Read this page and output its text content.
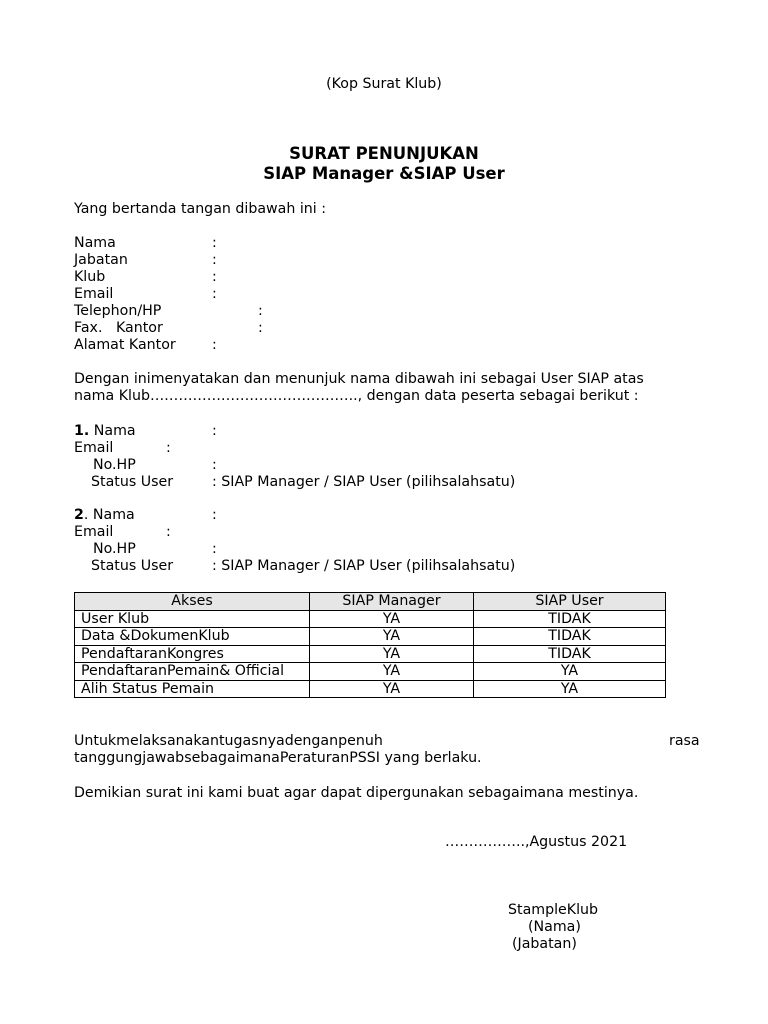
(Kop Surat Klub)
SURAT PENUNJUKAN
SIAP Manager &SIAP User
Yang bertanda tangan dibawah ini :
Nama	:
Jabatan	:
Klub	:
Email	:
Telephon/HP	:
Fax.   Kantor	:
Alamat Kantor	:
Dengan inimenyatakan dan menunjuk nama dibawah ini sebagai User SIAP atas
nama Klub…………………………………….., dengan data peserta sebagai berikut :
1. Nama	:
Email	:
No.HP	:
Status User	: SIAP Manager / SIAP User (pilihsalahsatu)
2. Nama	:
Email	:
No.HP	:
Status User	: SIAP Manager / SIAP User (pilihsalahsatu)
Akses	SIAP Manager	SIAP User
User Klub	YA	TIDAK
Data &DokumenKlub	YA	TIDAK
PendaftaranKongres	YA	TIDAK
PendaftaranPemain& Official	YA	YA
Alih Status Pemain	YA	YA
Untukmelaksanakantugasnyadenganpenuh	rasa
tanggungjawabsebagaimanaPeraturanPSSI yang berlaku.
Demikian surat ini kami buat agar dapat dipergunakan sebagaimana mestinya.
……………..,Agustus 2021
StampleKlub
(Nama)
(Jabatan)
